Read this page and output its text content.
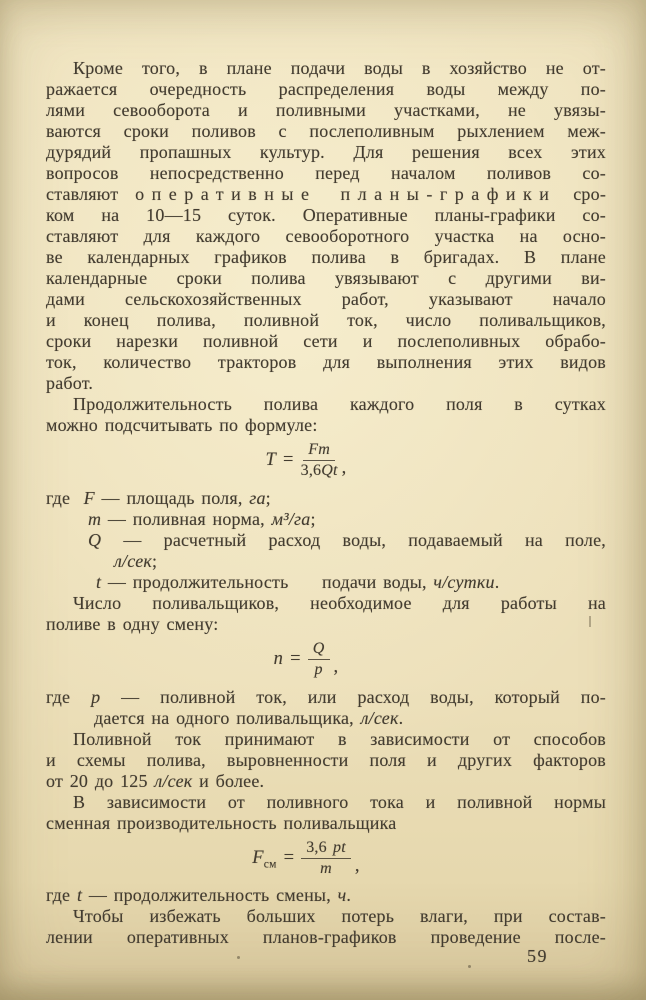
Кроме того, в плане подачи воды в хозяйство не от-
ражается очередность распределения воды между по-
лями севооборота и поливными участками, не увязы-
ваются сроки поливов с послеполивным рыхлением меж-
дурядий пропашных культур. Для решения всех этих
вопросов непосредственно перед началом поливов со-
ставляют оперативные планы-графики сро-
ком на 10—15 суток. Оперативные планы-графики со-
ставляют для каждого севооборотного участка на осно-
ве календарных графиков полива в бригадах. В плане
календарные сроки полива увязывают с другими ви-
дами сельскохозяйственных работ, указывают начало
и конец полива, поливной ток, число поливальщиков,
сроки нарезки поливной сети и послеполивных обрабо-
ток, количество тракторов для выполнения этих видов
работ.
Продолжительность полива каждого поля в сутках
можно подсчитывать по формуле:
$T = \frac{Fm}{3,6Qt}$ ,
где  F — площадь поля, га;
m — поливная норма, м³/га;
Q — расчетный расход воды, подаваемый на поле,
л/сек;
t — продолжительность     подачи воды, ч/сутки.
Число поливальщиков, необходимое для работы на
поливе в одну смену:
$n = \frac{Q}{p}$ ,
где p — поливной ток, или расход воды, который по-
дается на одного поливальщика, л/сек.
Поливной ток принимают в зависимости от способов
и схемы полива, выровненности поля и других факторов
от 20 до 125 л/сек и более.
В зависимости от поливного тока и поливной нормы
сменная производительность поливальщика
$F_{см} = \frac{3,6 pt}{m}$ ,
где t — продолжительность смены, ч.
Чтобы избежать больших потерь влаги, при состав-
лении оперативных планов-графиков проведение после-
59
